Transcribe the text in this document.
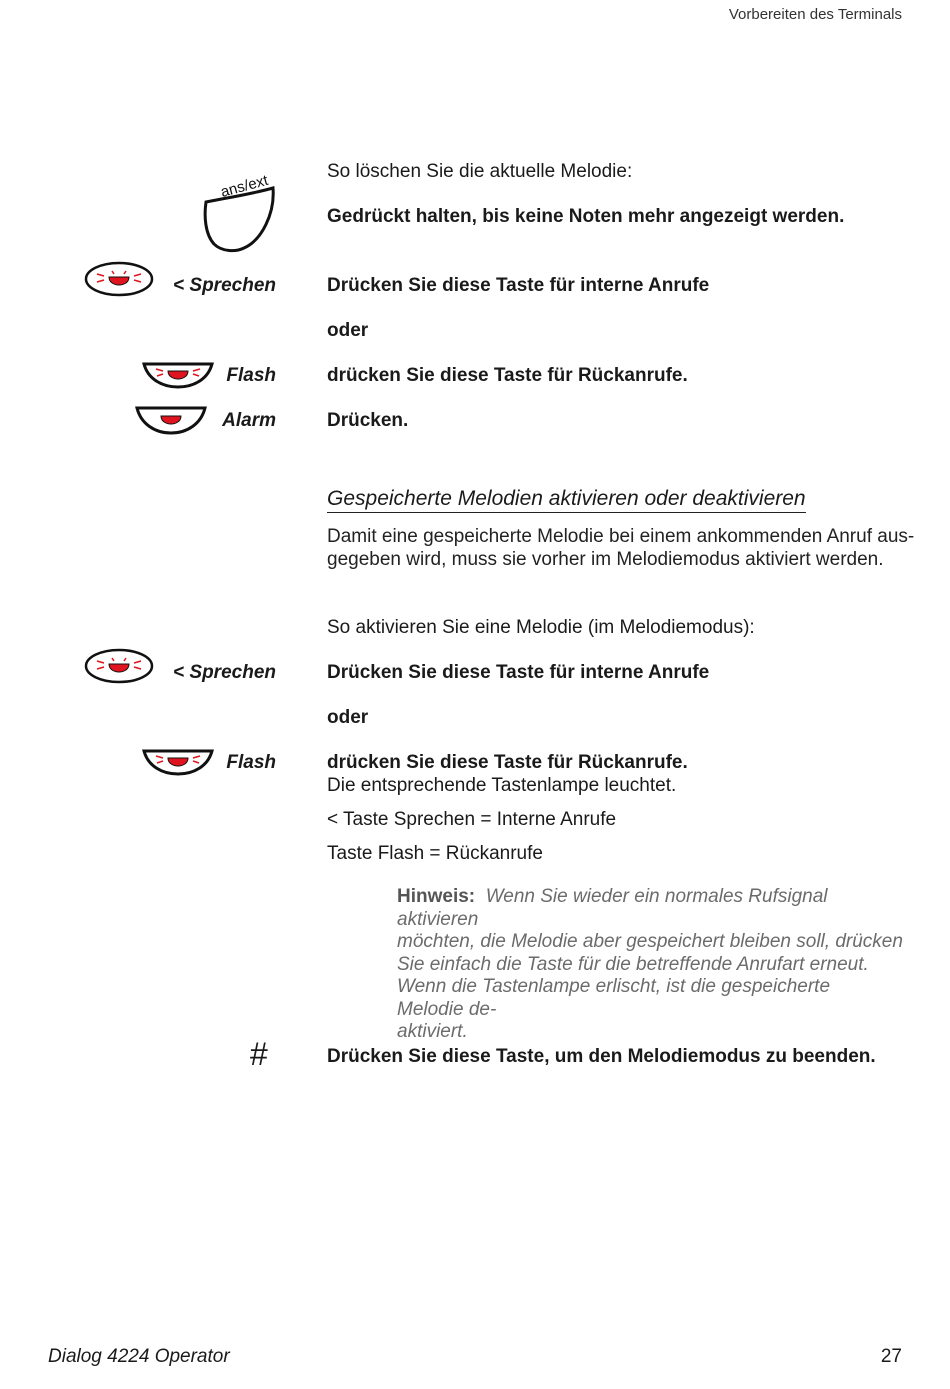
Vorbereiten des Terminals
ans/ext
So löschen Sie die aktuelle Melodie:
Gedrückt halten, bis keine Noten mehr angezeigt werden.
< Sprechen	Drücken Sie diese Taste für interne Anrufe
oder
Flash	drücken Sie diese Taste für Rückanrufe.
Alarm	Drücken.
Gespeicherte Melodien aktivieren oder deaktivieren
Damit eine gespeicherte Melodie bei einem ankommenden Anruf aus-
gegeben wird, muss sie vorher im Melodiemodus aktiviert werden.
So aktivieren Sie eine Melodie (im Melodiemodus):
< Sprechen	Drücken Sie diese Taste für interne Anrufe
oder
Flash	drücken Sie diese Taste für Rückanrufe.
Die entsprechende Tastenlampe leuchtet.
< Taste Sprechen = Interne Anrufe
Taste Flash = Rückanrufe
Hinweis: Wenn Sie wieder ein normales Rufsignal aktivieren
möchten, die Melodie aber gespeichert bleiben soll, drücken
Sie einfach die Taste für die betreffende Anrufart erneut.
Wenn die Tastenlampe erlischt, ist die gespeicherte
Melodie de-
aktiviert.
#	Drücken Sie diese Taste, um den Melodiemodus zu beenden.
Dialog 4224 Operator	27
